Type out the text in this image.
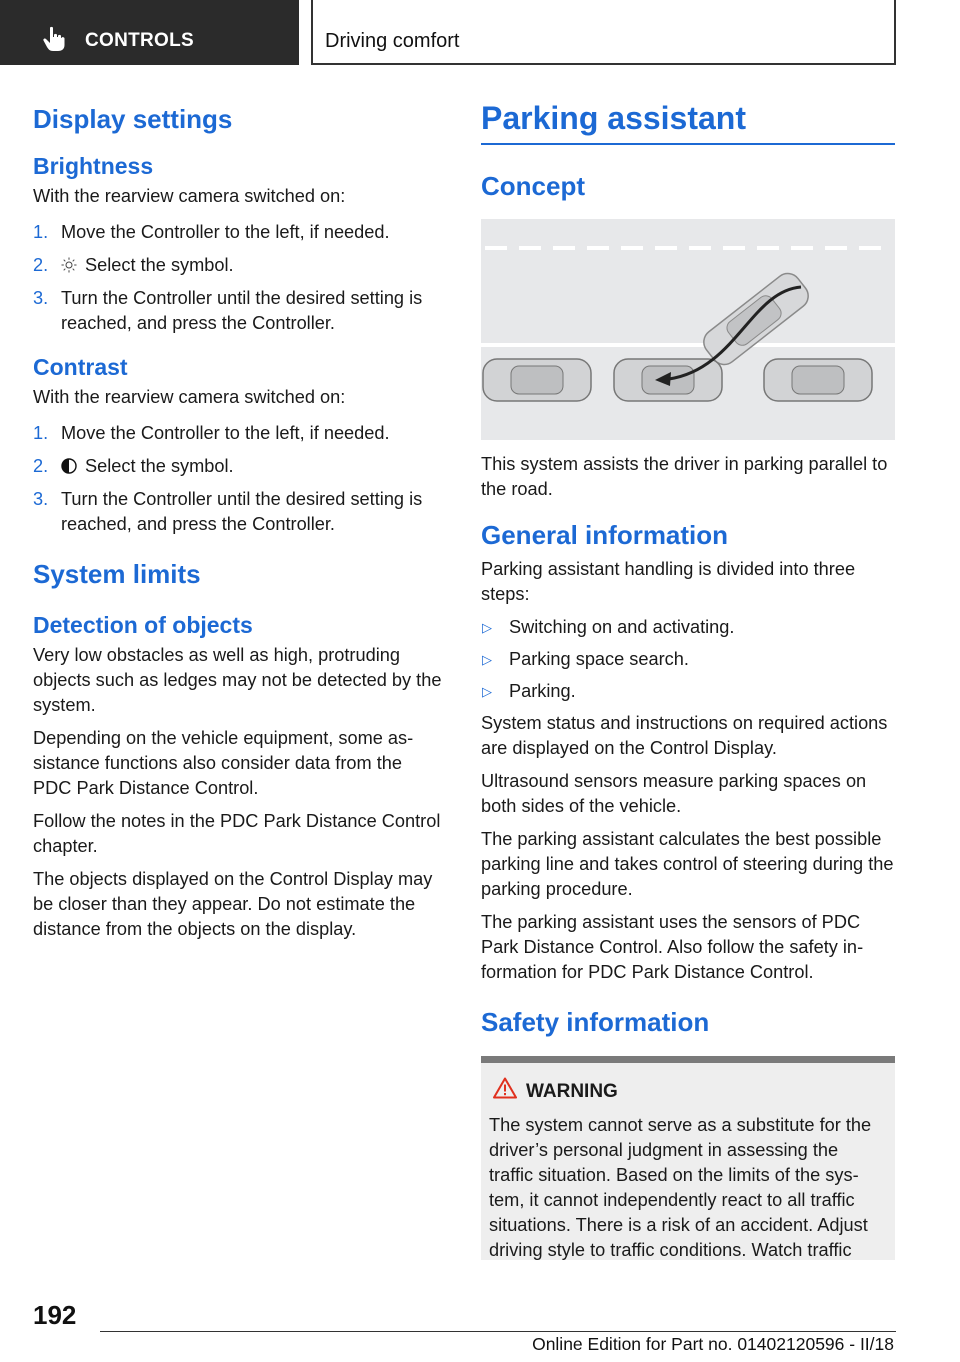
CONTROLS	Driving comfort
Display settings
Brightness

With the rearview camera switched on:

1. Move the Controller to the left, if needed.
2. Select the symbol.
3. Turn the Controller until the desired setting is reached, and press the Controller.
Contrast

With the rearview camera switched on:

1. Move the Controller to the left, if needed.
2. Select the symbol.
3. Turn the Controller until the desired setting is reached, and press the Controller.
System limits
Detection of objects

Very low obstacles as well as high, protruding objects such as ledges may not be detected by the system.

Depending on the vehicle equipment, some assistance functions also consider data from the PDC Park Distance Control.

Follow the notes in the PDC Park Distance Control chapter.

The objects displayed on the Control Display may be closer than they appear. Do not estimate the distance from the objects on the display.

Parking assistant
Concept

This system assists the driver in parking parallel to the road.

General information

Parking assistant handling is divided into three steps:

▷ Switching on and activating.
▷ Parking space search.
▷ Parking.

System status and instructions on required actions are displayed on the Control Display.

Ultrasound sensors measure parking spaces on both sides of the vehicle.

The parking assistant calculates the best possible parking line and takes control of steering during the parking procedure.

The parking assistant uses the sensors of PDC Park Distance Control. Also follow the safety information for PDC Park Distance Control.

Safety information
WARNING

The system cannot serve as a substitute for the driver’s personal judgment in assessing the traffic situation. Based on the limits of the system, it cannot independently react to all traffic situations. There is a risk of an accident. Adjust driving style to traffic conditions. Watch traffic

192
Online Edition for Part no. 01402120596 - II/18
